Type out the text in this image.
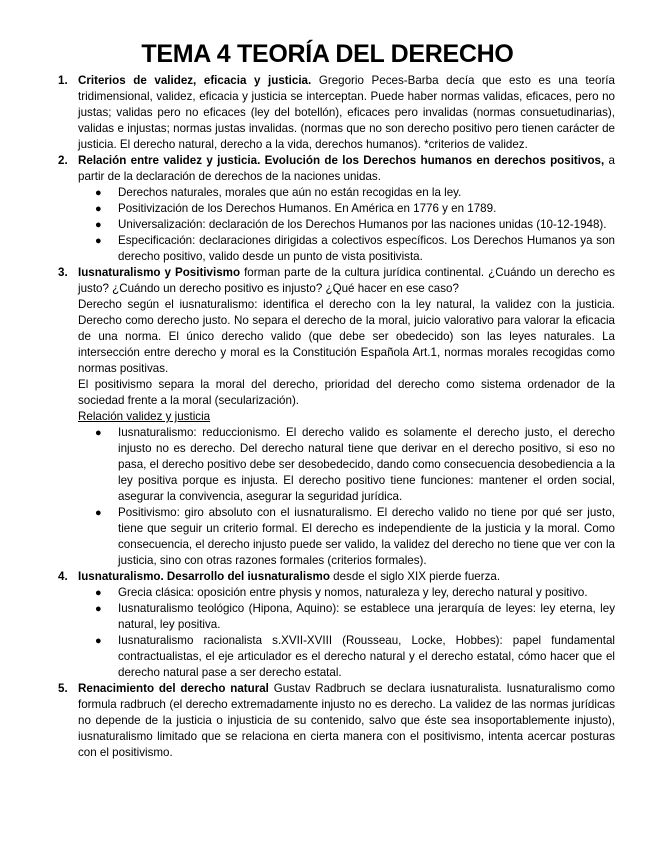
TEMA 4 TEORÍA DEL DERECHO
1. Criterios de validez, eficacia y justicia. Gregorio Peces-Barba decía que esto es una teoría tridimensional, validez, eficacia y justicia se interceptan. Puede haber normas validas, eficaces, pero no justas; validas pero no eficaces (ley del botellón), eficaces pero invalidas (normas consuetudinarias), validas e injustas; normas justas invalidas. (normas que no son derecho positivo pero tienen carácter de justicia. El derecho natural, derecho a la vida, derechos humanos). *criterios de validez.

2. Relación entre validez y justicia. Evolución de los Derechos humanos en derechos positivos, a partir de la declaración de derechos de la naciones unidas.

● Derechos naturales, morales que aún no están recogidas en la ley.
● Positivización de los Derechos Humanos. En América en 1776 y en 1789.
● Universalización: declaración de los Derechos Humanos por las naciones unidas (10-12-1948).
● Especificación: declaraciones dirigidas a colectivos específicos. Los Derechos Humanos ya son derecho positivo, valido desde un punto de vista positivista.
3. Iusnaturalismo y Positivismo forman parte de la cultura jurídica continental. ¿Cuándo un derecho es justo? ¿Cuándo un derecho positivo es injusto? ¿Qué hacer en ese caso?

Derecho según el iusnaturalismo: identifica el derecho con la ley natural, la validez con la justicia. Derecho como derecho justo. No separa el derecho de la moral, juicio valorativo para valorar la eficacia de una norma. El único derecho valido (que debe ser obedecido) son las leyes naturales. La intersección entre derecho y moral es la Constitución Española Art.1, normas morales recogidas como normas positivas.

El positivismo separa la moral del derecho, prioridad del derecho como sistema ordenador de la sociedad frente a la moral (secularización).

Relación validez y justicia

● Iusnaturalismo: reduccionismo. El derecho valido es solamente el derecho justo, el derecho injusto no es derecho. Del derecho natural tiene que derivar en el derecho positivo, si eso no pasa, el derecho positivo debe ser desobedecido, dando como consecuencia desobediencia a la ley positiva porque es injusta. El derecho positivo tiene funciones: mantener el orden social, asegurar la convivencia, asegurar la seguridad jurídica.
● Positivismo: giro absoluto con el iusnaturalismo. El derecho valido no tiene por qué ser justo, tiene que seguir un criterio formal. El derecho es independiente de la justicia y la moral. Como consecuencia, el derecho injusto puede ser valido, la validez del derecho no tiene que ver con la justicia, sino con otras razones formales (criterios formales).
4. Iusnaturalismo. Desarrollo del iusnaturalismo desde el siglo XIX pierde fuerza.

● Grecia clásica: oposición entre physis y nomos, naturaleza y ley, derecho natural y positivo.
● Iusnaturalismo teológico (Hipona, Aquino): se establece una jerarquía de leyes: ley eterna, ley natural, ley positiva.
● Iusnaturalismo racionalista s.XVII-XVIII (Rousseau, Locke, Hobbes): papel fundamental contractualistas, el eje articulador es el derecho natural y el derecho estatal, cómo hacer que el derecho natural pase a ser derecho estatal.
5. Renacimiento del derecho natural Gustav Radbruch se declara iusnaturalista. Iusnaturalismo como formula radbruch (el derecho extremadamente injusto no es derecho. La validez de las normas jurídicas no depende de la justicia o injusticia de su contenido, salvo que éste sea insoportablemente injusto), iusnaturalismo limitado que se relaciona en cierta manera con el positivismo, intenta acercar posturas con el positivismo.
